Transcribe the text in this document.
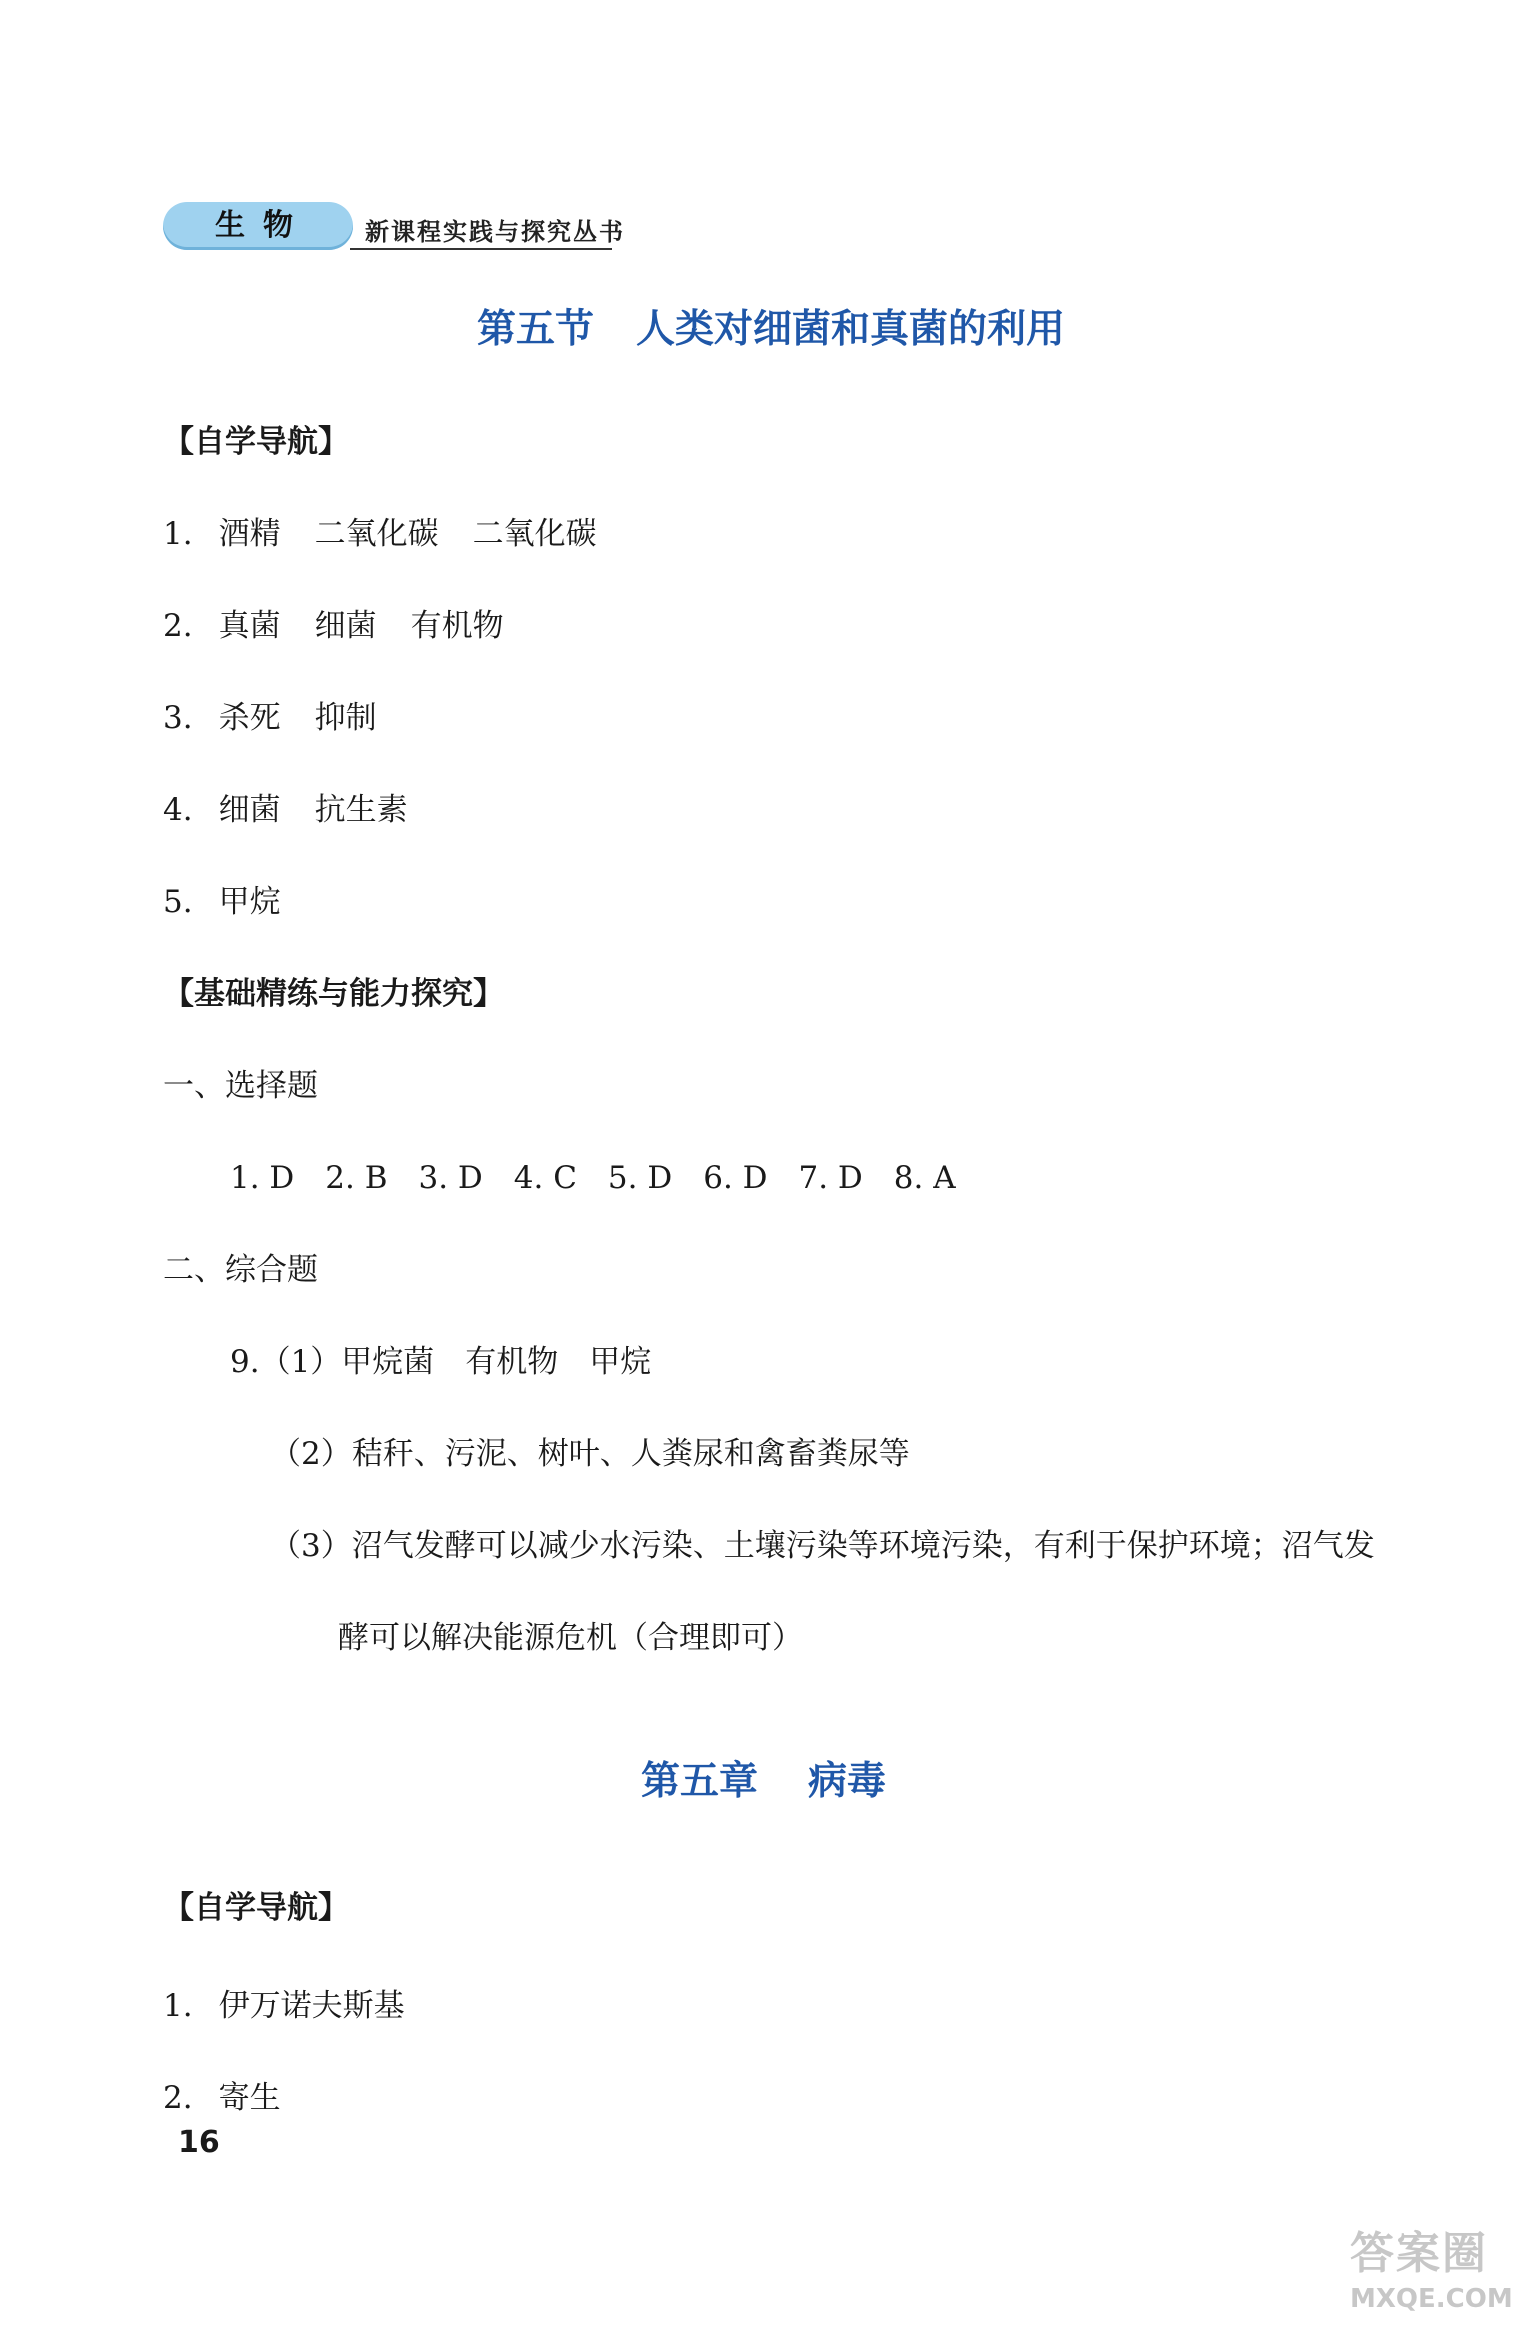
生物	新课程实践与探究丛书
第五节 人类对细菌和真菌的利用
【自学导航】
1. 酒精 二氧化碳 二氧化碳
2. 真菌 细菌 有机物
3. 杀死 抑制
4. 细菌 抗生素
5. 甲烷
【基础精练与能力探究】
一、选择题
1. D　2. B　3. D　4. C　5. D　6. D　7. D　8. A
二、综合题
9.（1）甲烷菌　有机物　甲烷
（2）秸秆、污泥、树叶、人粪尿和禽畜粪尿等
（3）沼气发酵可以减少水污染、土壤污染等环境污染，有利于保护环境；沼气发
酵可以解决能源危机（合理即可）
第五章 病毒
【自学导航】
1. 伊万诺夫斯基
2. 寄生
16
答案圈
MXQE.COM
